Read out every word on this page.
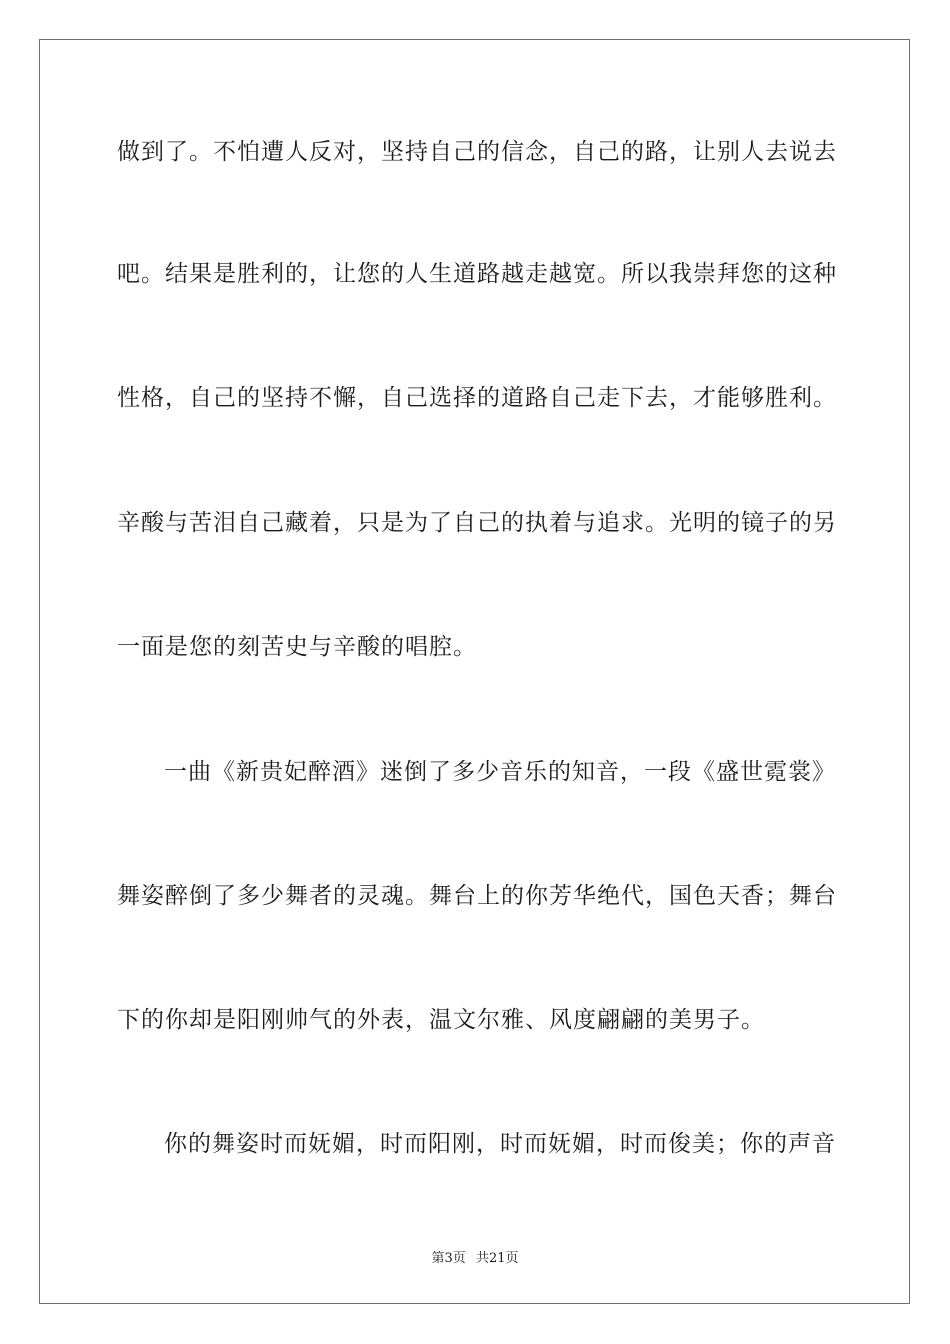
做到了。不怕遭人反对，坚持自己的信念，自己的路，让别人去说去
吧。结果是胜利的，让您的人生道路越走越宽。所以我崇拜您的这种
性格，自己的坚持不懈，自己选择的道路自己走下去，才能够胜利。
辛酸与苦泪自己藏着，只是为了自己的执着与追求。光明的镜子的另
一面是您的刻苦史与辛酸的唱腔。
一曲《新贵妃醉酒》迷倒了多少音乐的知音，一段《盛世霓裳》
舞姿醉倒了多少舞者的灵魂。舞台上的你芳华绝代，国色天香；舞台
下的你却是阳刚帅气的外表，温文尔雅、风度翩翩的美男子。
你的舞姿时而妩媚，时而阳刚，时而妩媚，时而俊美；你的声音
第3页 共21页
